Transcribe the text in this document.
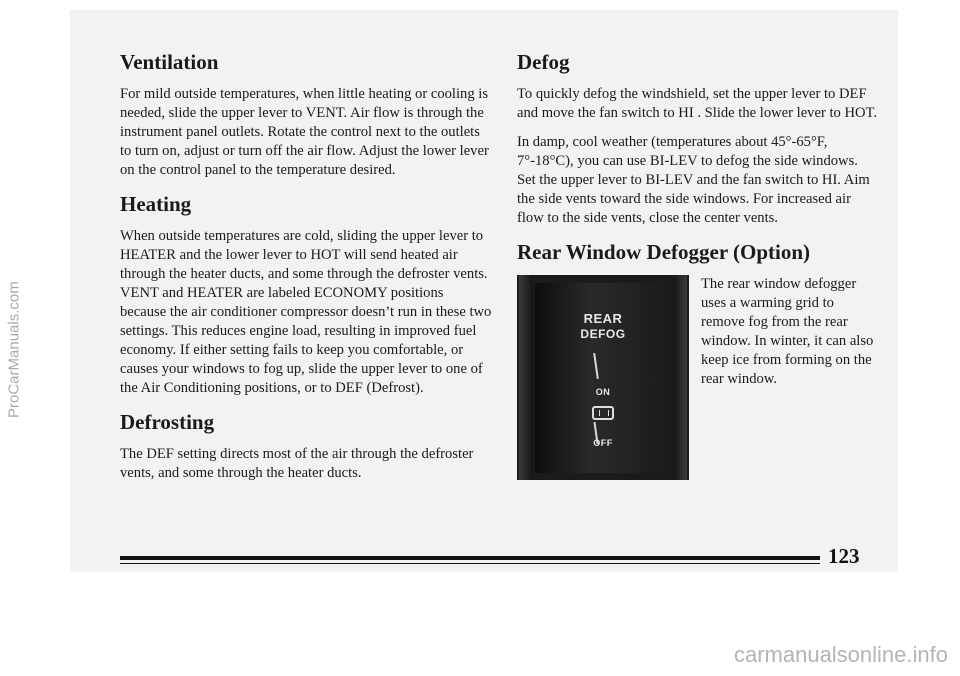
ProCarManuals.com
Ventilation

For mild outside temperatures, when little heating or cooling is needed, slide the upper lever to VENT. Air flow is through the instrument panel outlets. Rotate the control next to the outlets to turn on, adjust or turn off the air flow. Adjust the lower lever on the control panel to the temperature desired.

Heating

When outside temperatures are cold, sliding the upper lever to HEATER and the lower lever to HOT will send heated air through the heater ducts, and some through the defroster vents. VENT and HEATER are labeled ECONOMY positions because the air conditioner compressor doesn’t run in these two settings. This reduces engine load, resulting in improved fuel economy. If either setting fails to keep you comfortable, or causes your windows to fog up, slide the upper lever to one of the Air Conditioning positions, or to DEF (Defrost).

Defrosting

The DEF setting directs most of the air through the defroster vents, and some through the heater ducts.

Defog

To quickly defog the windshield, set the upper lever to DEF and move the fan switch to HI . Slide the lower lever to HOT.

In damp, cool weather (temperatures about 45°-65°F, 7°-18°C), you can use BI-LEV to defog the side windows. Set the upper lever to BI-LEV and the fan switch to HI. Aim the side vents toward the side windows. For increased air flow to the side vents, close the center vents.

Rear Window Defogger (Option)
REAR
DEFOG
ON
OFF

The rear window defogger uses a warming grid to remove fog from the rear window. In winter, it can also keep ice from forming on the rear window.

123
carmanualsonline.info
